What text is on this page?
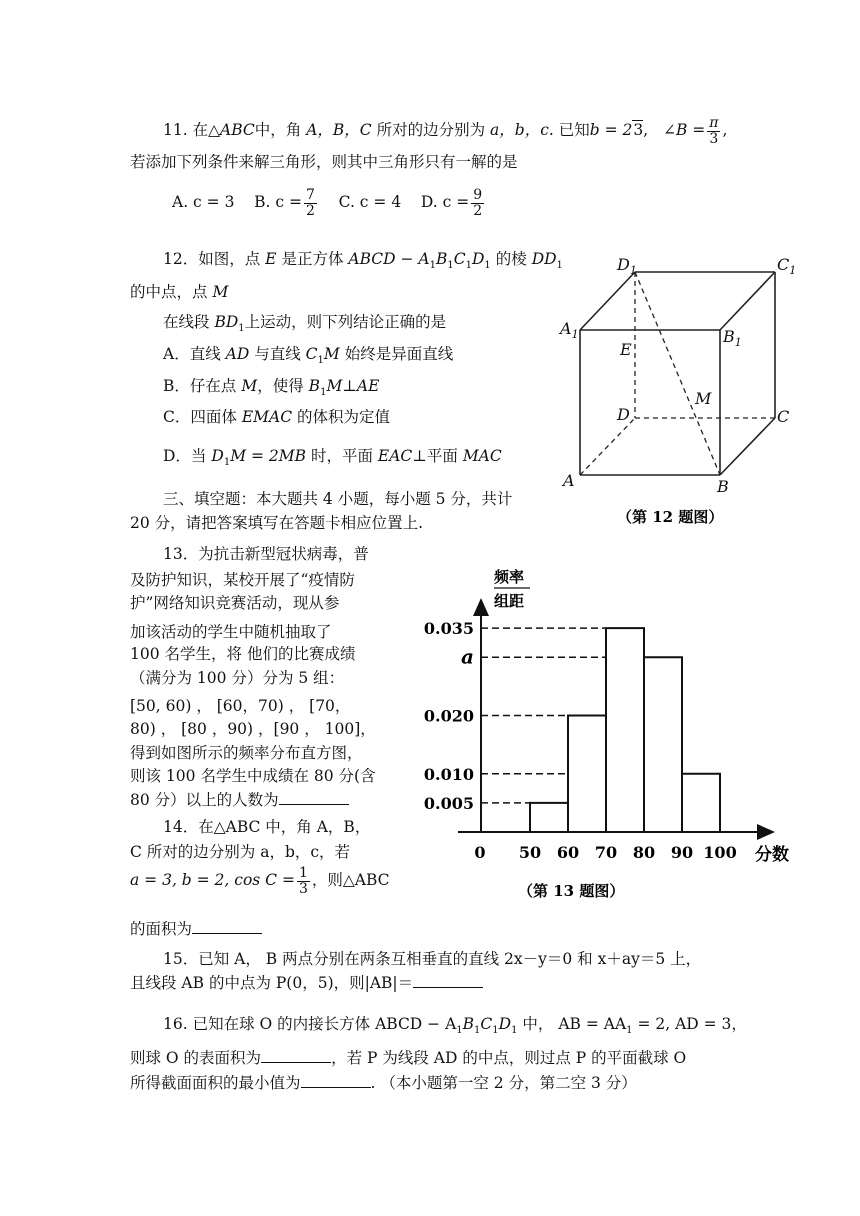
11. 在△ABC中，角 A，B，C 所对的边分别为 a，b，c. 已知b = 23,   ∠B = $\frac{\pi}{3}$ ,
若添加下列条件来解三角形，则其中三角形只有一解的是
A. c = 3 B. $c = \frac{7}{2} C$. c = 4 D. $c = \frac{9}{2}$
12．如图，点 E 是正方体 ABCD − $A_1B_1C_1D_1$ 的棱 $DD_1$
的中点，点 M
在线段 $BD_1$上运动，则下列结论正确的是
A．直线 AD 与直线 $C_1M$ 始终是异面直线
B．仔在点 M，使得 $B_1M\perp AE$
C．四面体 EMAC 的体积为定值
D．当 $D_1M = 2MB$ 时，平面 EAC⊥平面 MAC
$D_1$	$C_1$
$A_1$	$B_1$
E
M
D	C
A	B
（第 12 题图）
三、填空题：本大题共 4 小题，每小题 5 分，共计
20 分，请把答案填写在答题卡相应位置上.
13．为抗击新型冠状病毒，普
及防护知识，某校开展了“疫情防
护”网络知识竞赛活动，现从参
加该活动的学生中随机抽取了
100 名学生，将 他们的比赛成绩
（满分为 100 分）分为 5 组：
[50, 60) ， [60，70) ， [70，
80) ， [80 ，90) ，[90 ， 100]，
得到如图所示的频率分布直方图，
则该 100 名学生中成绩在 80 分(含
80 分）以上的人数为
频率
组距
0.005
0.010
0.020
a
0.035
0 50 60 70 80 90 100 分数
（第 13 题图）
14．在△ABC 中，角 A，B，
C 所对的边分别为 a，b，c，若
a = 3, b = 2, $\cos C = \frac{1}{3}$ ，则△ABC
的面积为
15．已知 A， B 两点分别在两条互相垂直的直线 2x－y＝0 和 x＋ay＝5 上，
且线段 AB 的中点为 P(0，5)，则|AB|＝
16. 已知在球 O 的内接长方体 ABCD − $A_1B_1C_1D_1$ 中， AB = $AA_1 = 2$, AD = 3，
则球 O 的表面积为	，若 P 为线段 AD 的中点，则过点 P 的平面截球 O
所得截面面积的最小值为	. （本小题第一空 2 分，第二空 3 分）
